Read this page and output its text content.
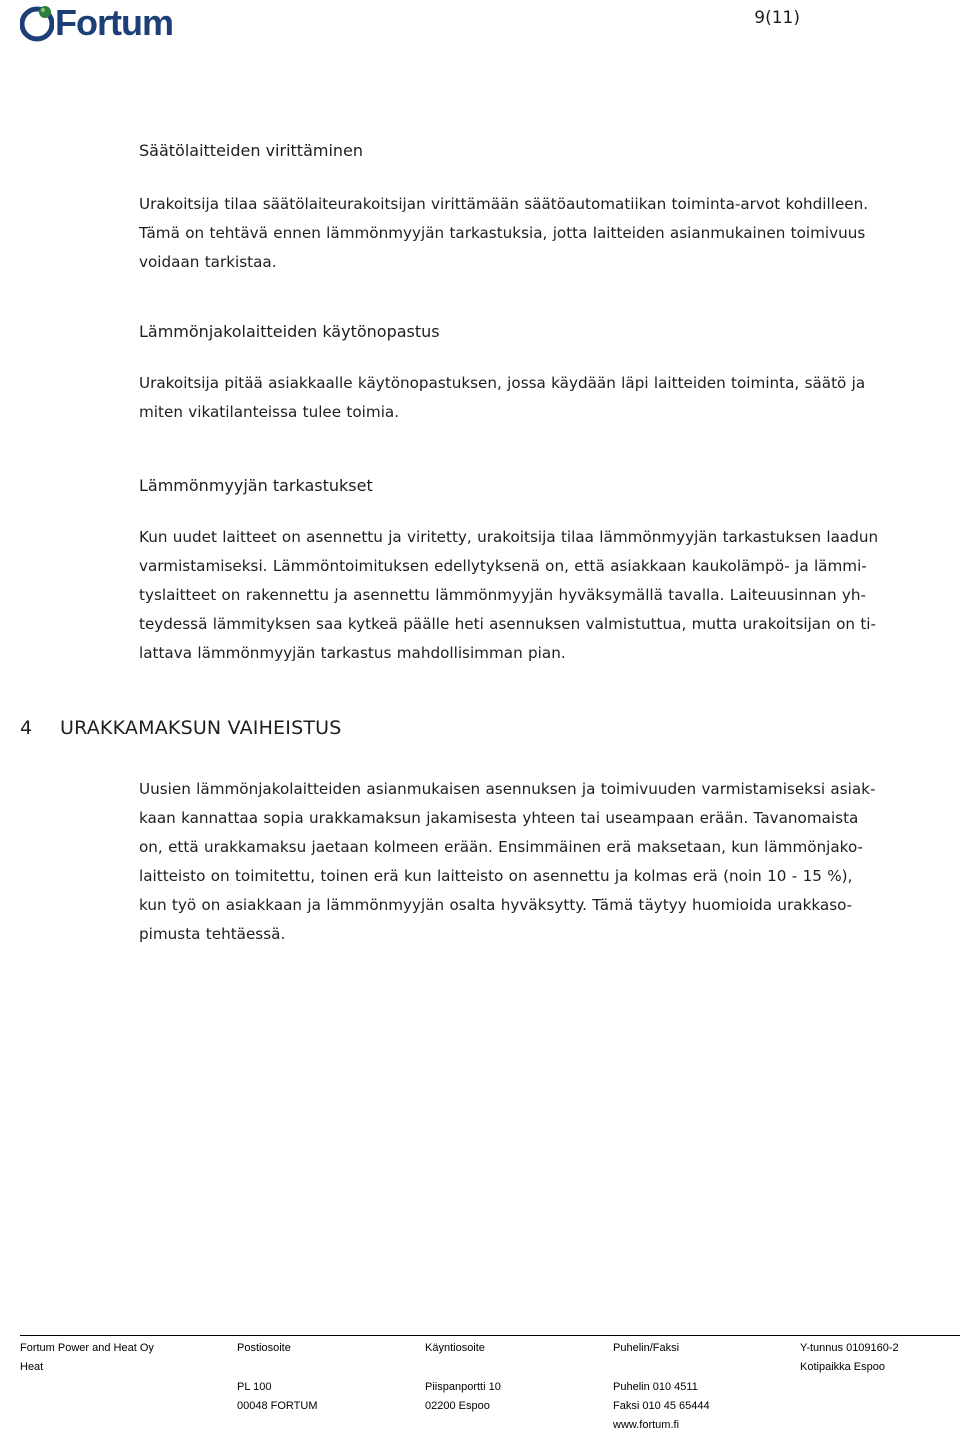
Fortum	9(11)
Säätölaitteiden virittäminen

Urakoitsija tilaa säätölaiteurakoitsijan virittämään säätöautomatiikan toiminta-arvot kohdilleen.
Tämä on tehtävä ennen lämmönmyyjän tarkastuksia, jotta laitteiden asianmukainen toimivuus
voidaan tarkistaa.

Lämmönjakolaitteiden käytönopastus

Urakoitsija pitää asiakkaalle käytönopastuksen, jossa käydään läpi laitteiden toiminta, säätö ja
miten vikatilanteissa tulee toimia.

Lämmönmyyjän tarkastukset

Kun uudet laitteet on asennettu ja viritetty, urakoitsija tilaa lämmönmyyjän tarkastuksen laadun
varmistamiseksi. Lämmöntoimituksen edellytyksenä on, että asiakkaan kaukolämpö- ja lämmi-
tyslaitteet on rakennettu ja asennettu lämmönmyyjän hyväksymällä tavalla. Laiteuusinnan yh-
teydessä lämmityksen saa kytkeä päälle heti asennuksen valmistuttua, mutta urakoitsijan on ti-
lattava lämmönmyyjän tarkastus mahdollisimman pian.

4 URAKKAMAKSUN VAIHEISTUS

Uusien lämmönjakolaitteiden asianmukaisen asennuksen ja toimivuuden varmistamiseksi asiak-
kaan kannattaa sopia urakkamaksun jakamisesta yhteen tai useampaan erään. Tavanomaista
on, että urakkamaksu jaetaan kolmeen erään. Ensimmäinen erä maksetaan, kun lämmönjako-
laitteisto on toimitettu, toinen erä kun laitteisto on asennettu ja kolmas erä (noin 10 - 15 %),
kun työ on asiakkaan ja lämmönmyyjän osalta hyväksytty. Tämä täytyy huomioida urakkaso-
pimusta tehtäessä.

Fortum Power and Heat Oy
Heat
Postiosoite
PL 100
00048 FORTUM
Käyntiosoite
Piispanportti 10
02200 Espoo
Puhelin/Faksi
Puhelin 010 4511
Faksi 010 45 65444
www.fortum.fi
Y-tunnus 0109160-2
Kotipaikka Espoo
